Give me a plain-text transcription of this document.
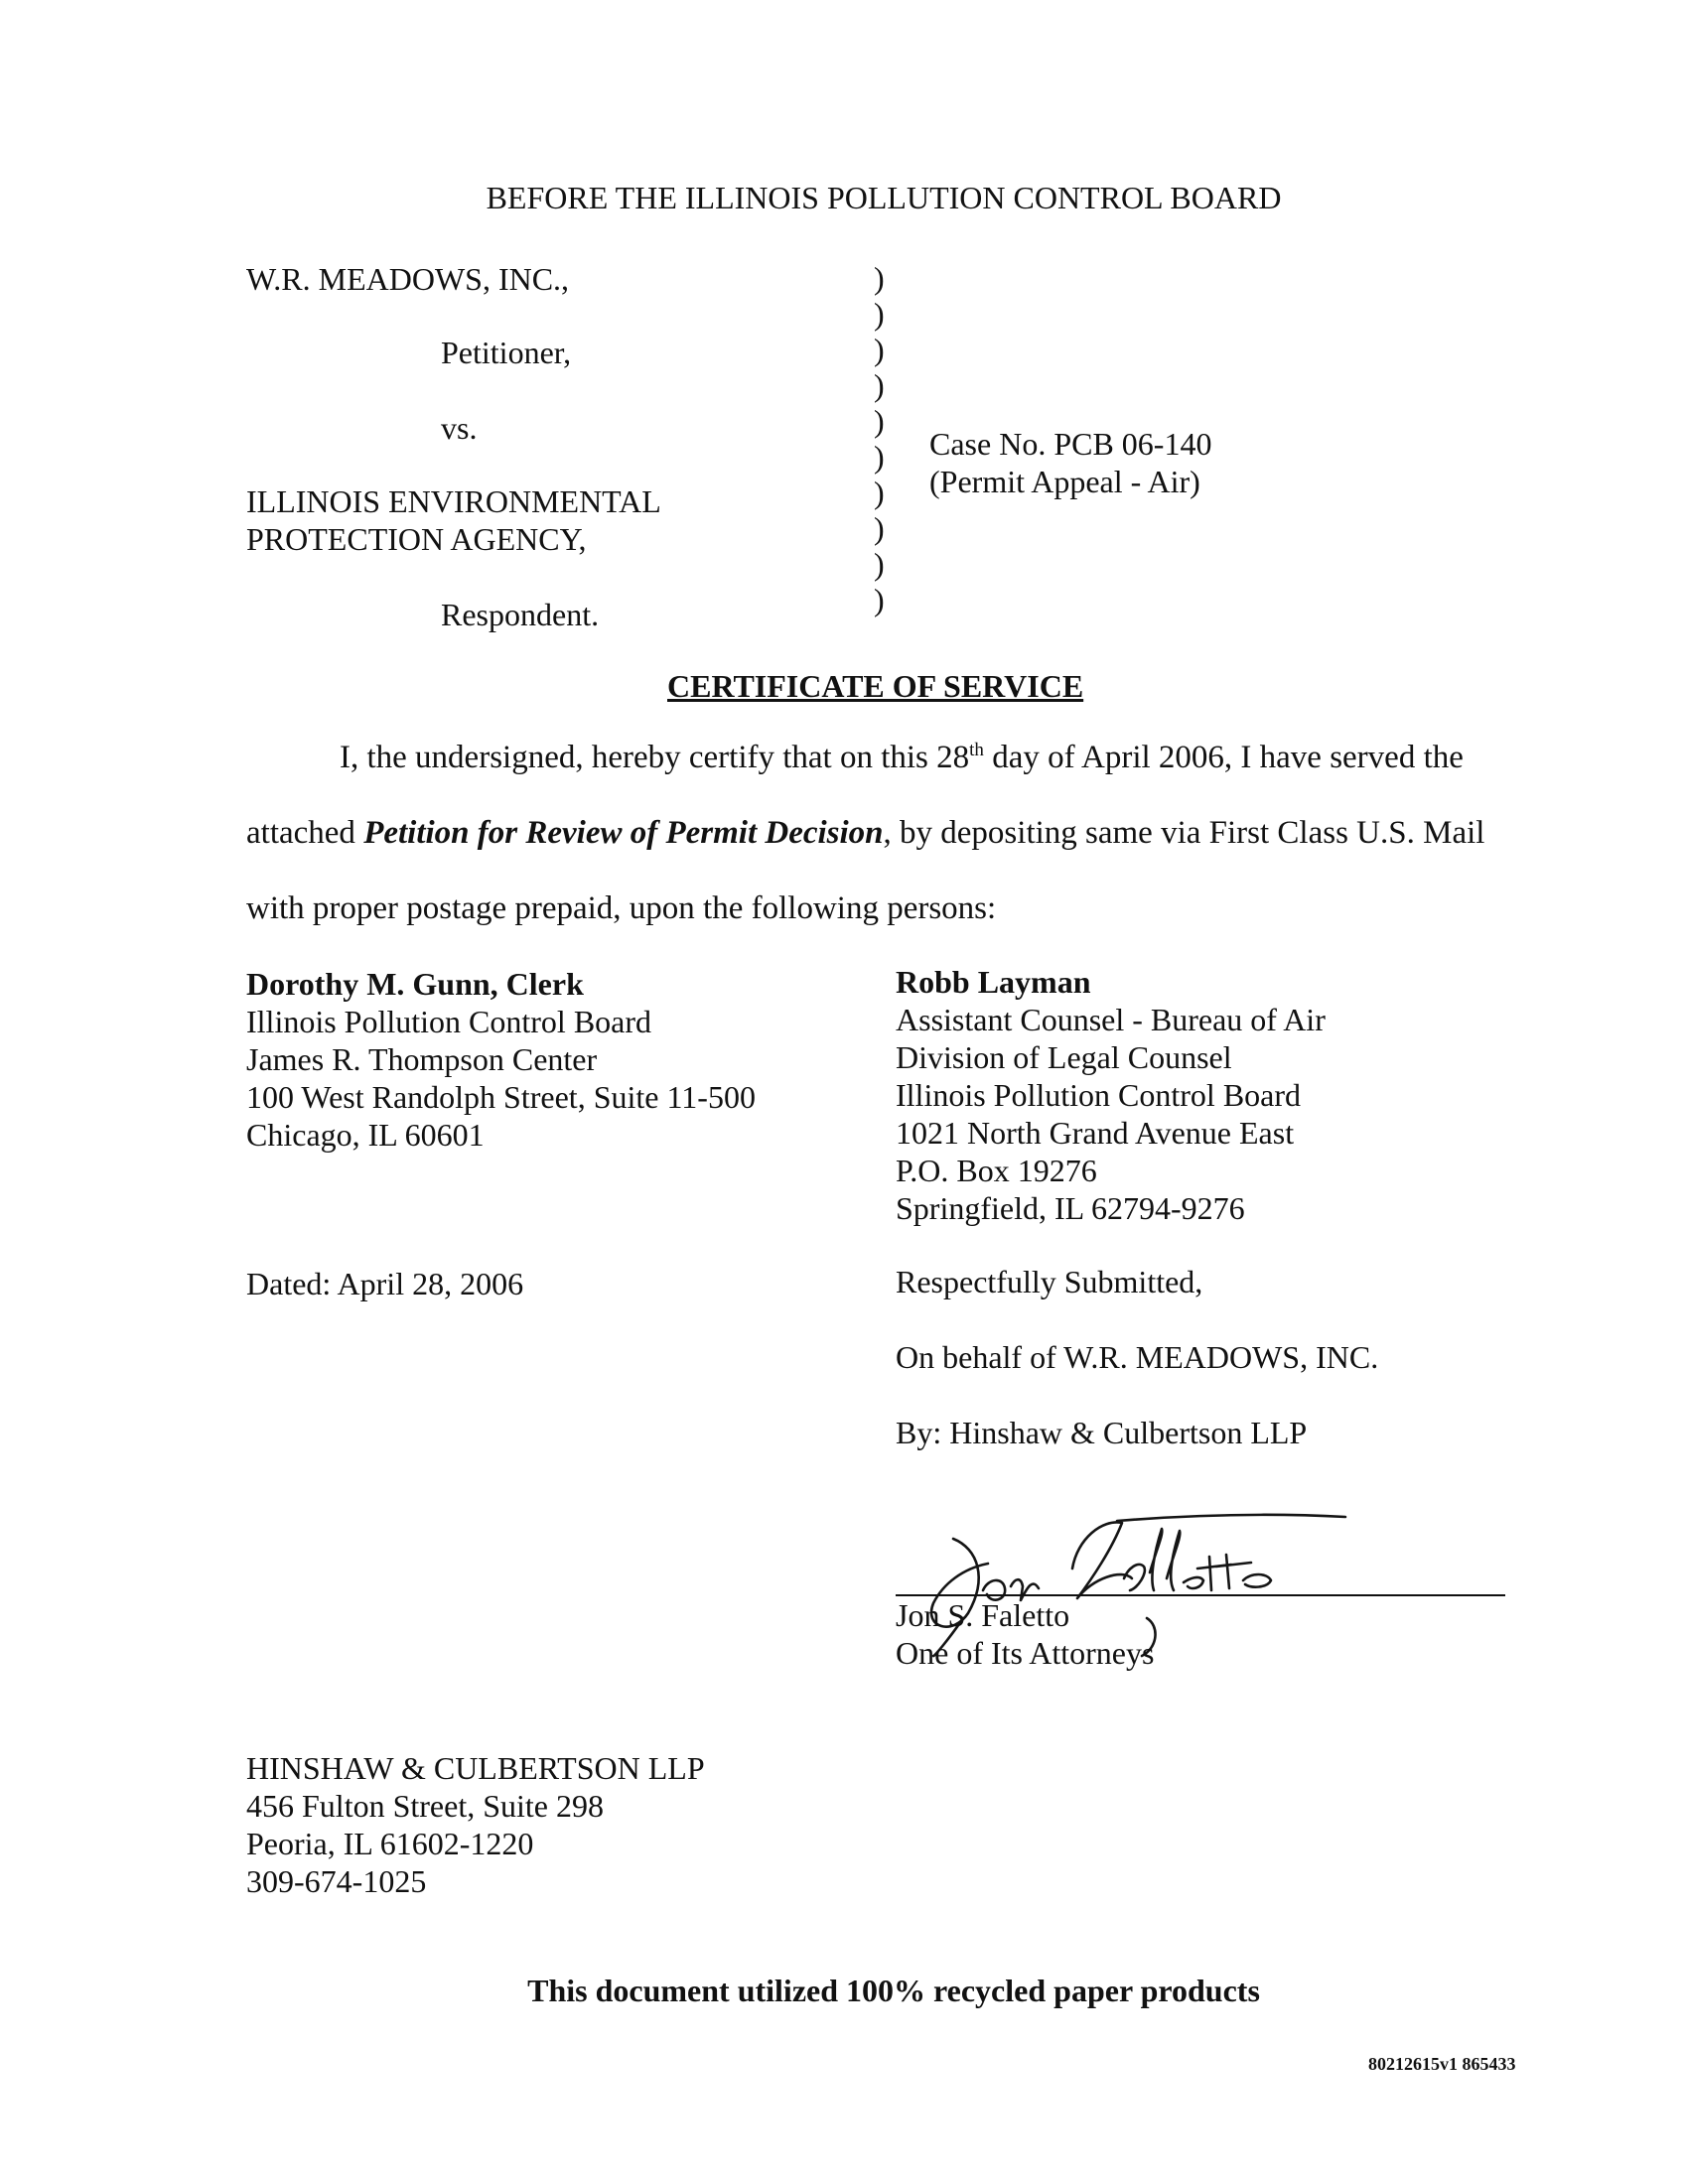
BEFORE THE ILLINOIS POLLUTION CONTROL BOARD
W.R. MEADOWS, INC.,
Petitioner,
vs.
ILLINOIS ENVIRONMENTAL
PROTECTION AGENCY,
Respondent.
)
)
)
)
)
)
)
)
)
)
Case No. PCB 06-140
(Permit Appeal - Air)
CERTIFICATE OF SERVICE
I, the undersigned, hereby certify that on this 28th day of April 2006, I have served the
attached Petition for Review of Permit Decision, by depositing same via First Class U.S. Mail
with proper postage prepaid, upon the following persons:
Dorothy M. Gunn, Clerk
Illinois Pollution Control Board
James R. Thompson Center
100 West Randolph Street, Suite 11-500
Chicago, IL 60601
Robb Layman
Assistant Counsel - Bureau of Air
Division of Legal Counsel
Illinois Pollution Control Board
1021 North Grand Avenue East
P.O. Box 19276
Springfield, IL 62794-9276
Dated: April 28, 2006	Respectfully Submitted,
On behalf of W.R. MEADOWS, INC.
By: Hinshaw & Culbertson LLP
Jon S. Faletto
One of Its Attorneys
HINSHAW & CULBERTSON LLP
456 Fulton Street, Suite 298
Peoria, IL 61602-1220
309-674-1025
This document utilized 100% recycled paper products
80212615v1 865433
